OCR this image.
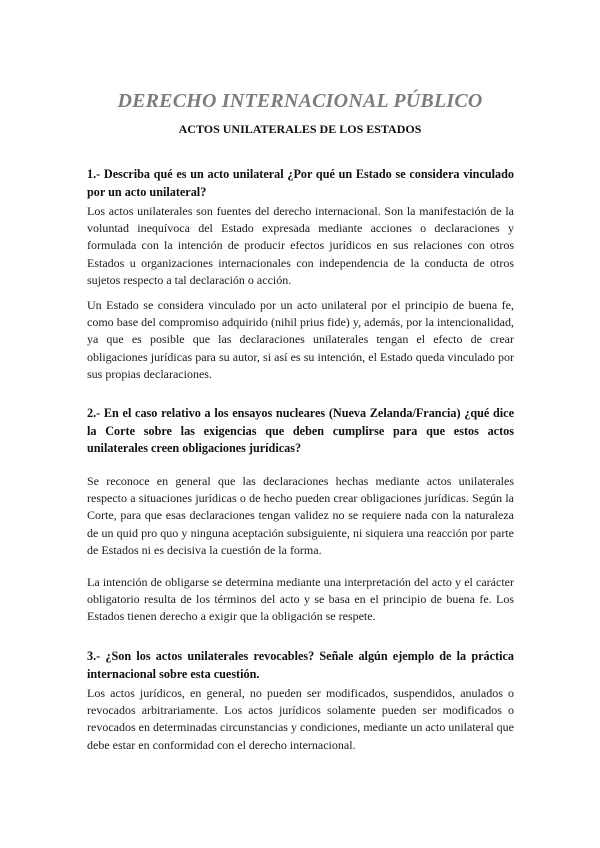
DERECHO INTERNACIONAL PÚBLICO
ACTOS UNILATERALES DE LOS ESTADOS

1.- Describa qué es un acto unilateral ¿Por qué un Estado se considera vinculado por un acto unilateral?

Los actos unilaterales son fuentes del derecho internacional. Son la manifestación de la voluntad inequívoca del Estado expresada mediante acciones o declaraciones y formulada con la intención de producir efectos jurídicos en sus relaciones con otros Estados u organizaciones internacionales con independencia de la conducta de otros sujetos respecto a tal declaración o acción.

Un Estado se considera vinculado por un acto unilateral por el principio de buena fe, como base del compromiso adquirido (nihil prius fide) y, además, por la intencionalidad, ya que es posible que las declaraciones unilaterales tengan el efecto de crear obligaciones jurídicas para su autor, si así es su intención, el Estado queda vinculado por sus propias declaraciones.

2.- En el caso relativo a los ensayos nucleares (Nueva Zelanda/Francia) ¿qué dice la Corte sobre las exigencias que deben cumplirse para que estos actos unilaterales creen obligaciones jurídicas?

Se reconoce en general que las declaraciones hechas mediante actos unilaterales respecto a situaciones jurídicas o de hecho pueden crear obligaciones jurídicas. Según la Corte, para que esas declaraciones tengan validez no se requiere nada con la naturaleza de un quid pro quo y ninguna aceptación subsiguiente, ni siquiera una reacción por parte de Estados ni es decisiva la cuestión de la forma.

La intención de obligarse se determina mediante una interpretación del acto y el carácter obligatorio resulta de los términos del acto y se basa en el principio de buena fe. Los Estados tienen derecho a exigir que la obligación se respete.

3.- ¿Son los actos unilaterales revocables? Señale algún ejemplo de la práctica internacional sobre esta cuestión.

Los actos jurídicos, en general, no pueden ser modificados, suspendidos, anulados o revocados arbitrariamente. Los actos jurídicos solamente pueden ser modificados o revocados en determinadas circunstancias y condiciones, mediante un acto unilateral que debe estar en conformidad con el derecho internacional.
